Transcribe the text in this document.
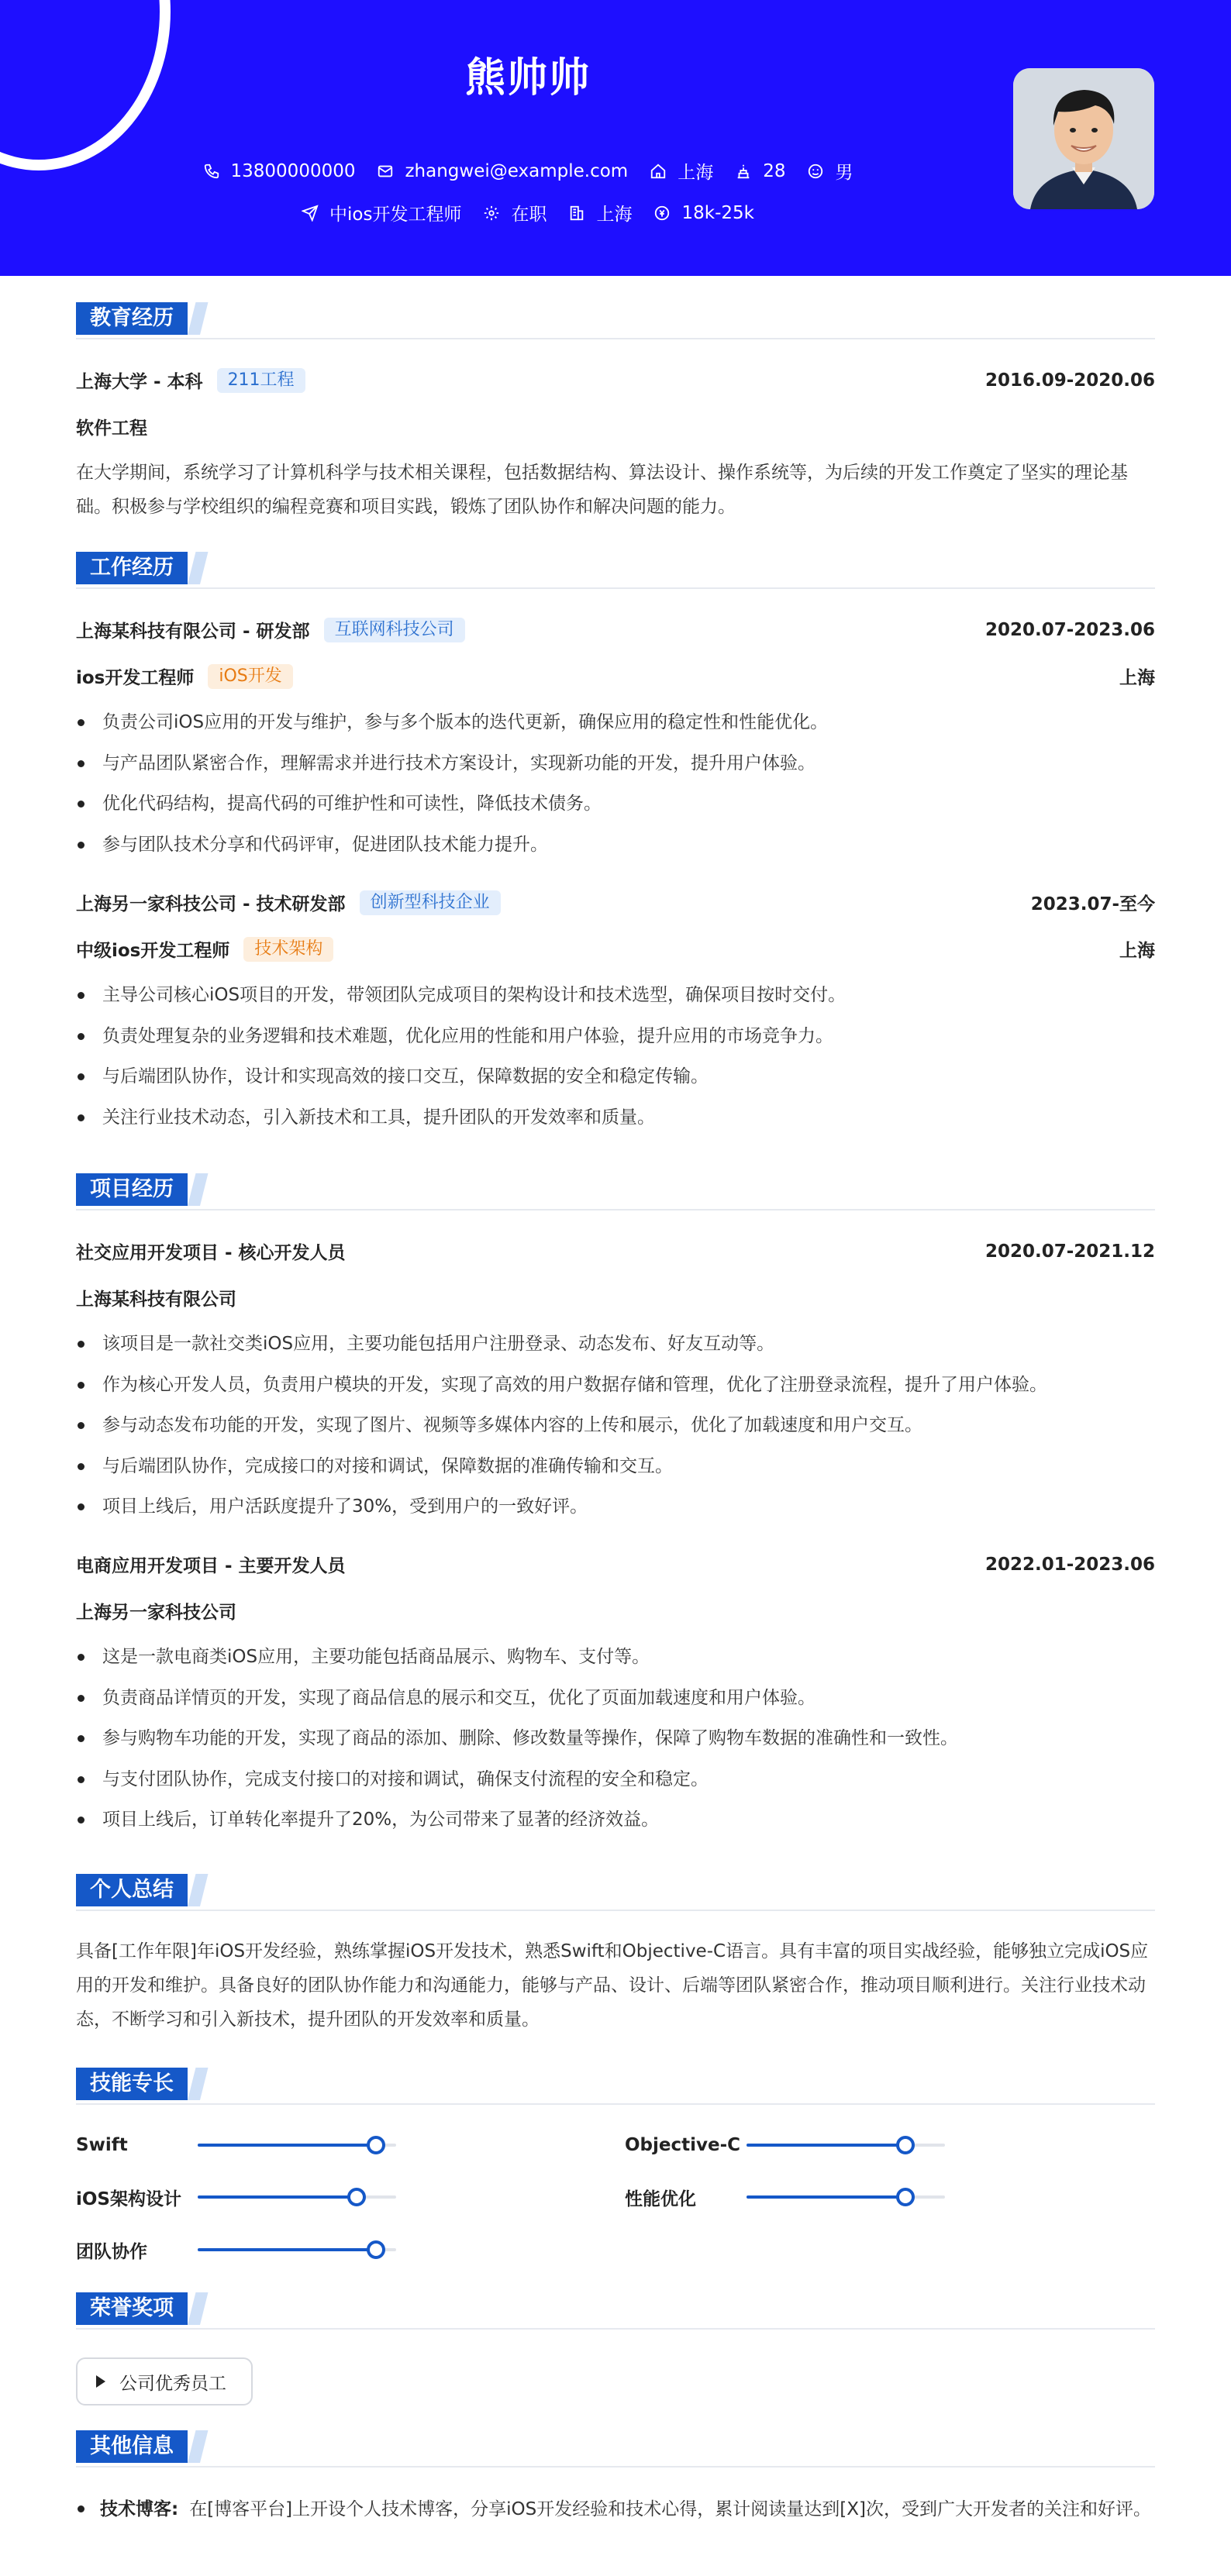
熊帅帅
13800000000	zhangwei@example.com	上海	28	男
中ios开发工程师	在职	上海	18k-25k
教育经历
上海大学 - 本科	211工程	2016.09-2020.06
软件工程
在大学期间，系统学习了计算机科学与技术相关课程，包括数据结构、算法设计、操作系统等，为后续的开发工作奠定了坚实的理论基础。积极参与学校组织的编程竞赛和项目实践，锻炼了团队协作和解决问题的能力。
工作经历
上海某科技有限公司 - 研发部	互联网科技公司	2020.07-2023.06
ios开发工程师	iOS开发	上海
负责公司iOS应用的开发与维护，参与多个版本的迭代更新，确保应用的稳定性和性能优化。
与产品团队紧密合作，理解需求并进行技术方案设计，实现新功能的开发，提升用户体验。
优化代码结构，提高代码的可维护性和可读性，降低技术债务。
参与团队技术分享和代码评审，促进团队技术能力提升。
上海另一家科技公司 - 技术研发部	创新型科技企业	2023.07-至今
中级ios开发工程师	技术架构	上海
主导公司核心iOS项目的开发，带领团队完成项目的架构设计和技术选型，确保项目按时交付。
负责处理复杂的业务逻辑和技术难题，优化应用的性能和用户体验，提升应用的市场竞争力。
与后端团队协作，设计和实现高效的接口交互，保障数据的安全和稳定传输。
关注行业技术动态，引入新技术和工具，提升团队的开发效率和质量。
项目经历
社交应用开发项目 - 核心开发人员	2020.07-2021.12
上海某科技有限公司
该项目是一款社交类iOS应用，主要功能包括用户注册登录、动态发布、好友互动等。
作为核心开发人员，负责用户模块的开发，实现了高效的用户数据存储和管理，优化了注册登录流程，提升了用户体验。
参与动态发布功能的开发，实现了图片、视频等多媒体内容的上传和展示，优化了加载速度和用户交互。
与后端团队协作，完成接口的对接和调试，保障数据的准确传输和交互。
项目上线后，用户活跃度提升了30%，受到用户的一致好评。
电商应用开发项目 - 主要开发人员	2022.01-2023.06
上海另一家科技公司
这是一款电商类iOS应用，主要功能包括商品展示、购物车、支付等。
负责商品详情页的开发，实现了商品信息的展示和交互，优化了页面加载速度和用户体验。
参与购物车功能的开发，实现了商品的添加、删除、修改数量等操作，保障了购物车数据的准确性和一致性。
与支付团队协作，完成支付接口的对接和调试，确保支付流程的安全和稳定。
项目上线后，订单转化率提升了20%，为公司带来了显著的经济效益。
个人总结
具备[工作年限]年iOS开发经验，熟练掌握iOS开发技术，熟悉Swift和Objective-C语言。具有丰富的项目实战经验，能够独立完成iOS应用的开发和维护。具备良好的团队协作能力和沟通能力，能够与产品、设计、后端等团队紧密合作，推动项目顺利进行。关注行业技术动态，不断学习和引入新技术，提升团队的开发效率和质量。
技能专长
Swift	Objective-C
iOS架构设计	性能优化
团队协作
荣誉奖项
公司优秀员工
其他信息
技术博客: 在[博客平台]上开设个人技术博客，分享iOS开发经验和技术心得，累计阅读量达到[X]次，受到广大开发者的关注和好评。
